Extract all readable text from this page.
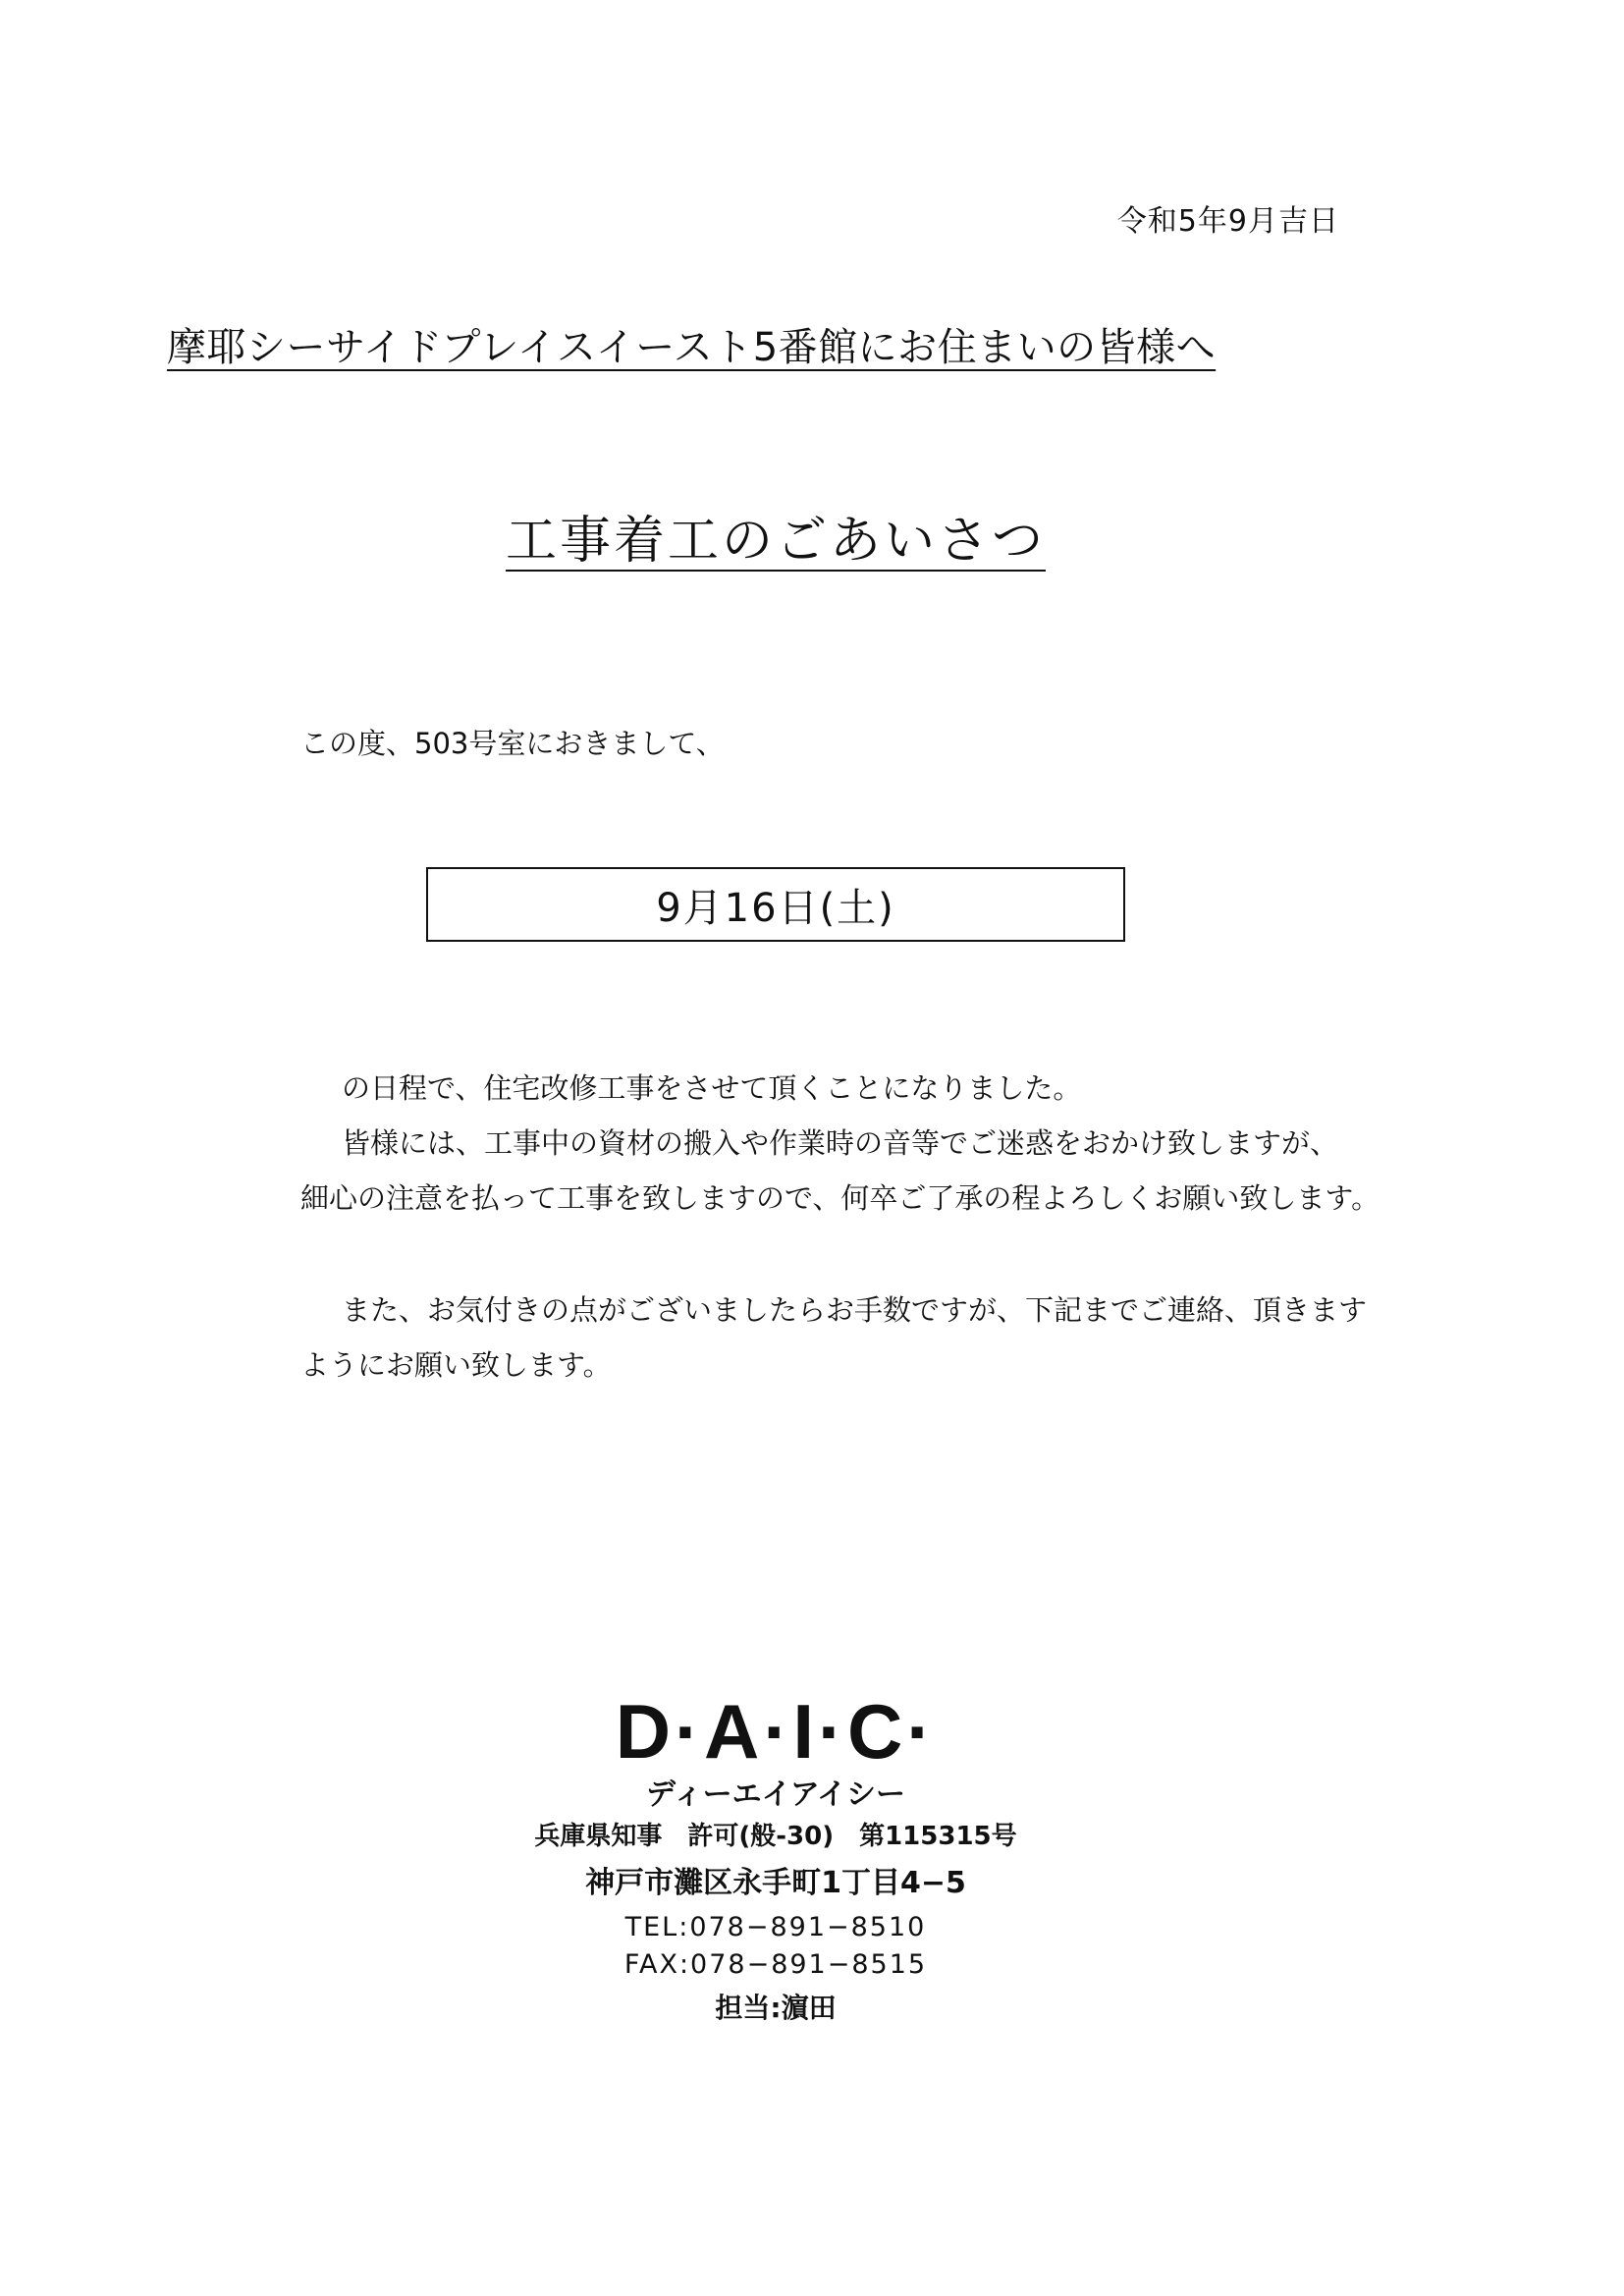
令和5年9月吉日
摩耶シーサイドプレイスイースト5番館にお住まいの皆様へ
工事着工のごあいさつ
この度、503号室におきまして、
9月16日(土)

の日程で、住宅改修工事をさせて頂くことになりました。

皆様には、工事中の資材の搬入や作業時の音等でご迷惑をおかけ致しますが、

細心の注意を払って工事を致しますので、何卒ご了承の程よろしくお願い致します。

また、お気付きの点がございましたらお手数ですが、下記までご連絡、頂きます

ようにお願い致します。

D·A·I·C·
ディーエイアイシー
兵庫県知事　許可(般-30)　第115315号
神戸市灘区永手町1丁目4−5
TEL:078−891−8510
FAX:078−891−8515
担当:濵田
